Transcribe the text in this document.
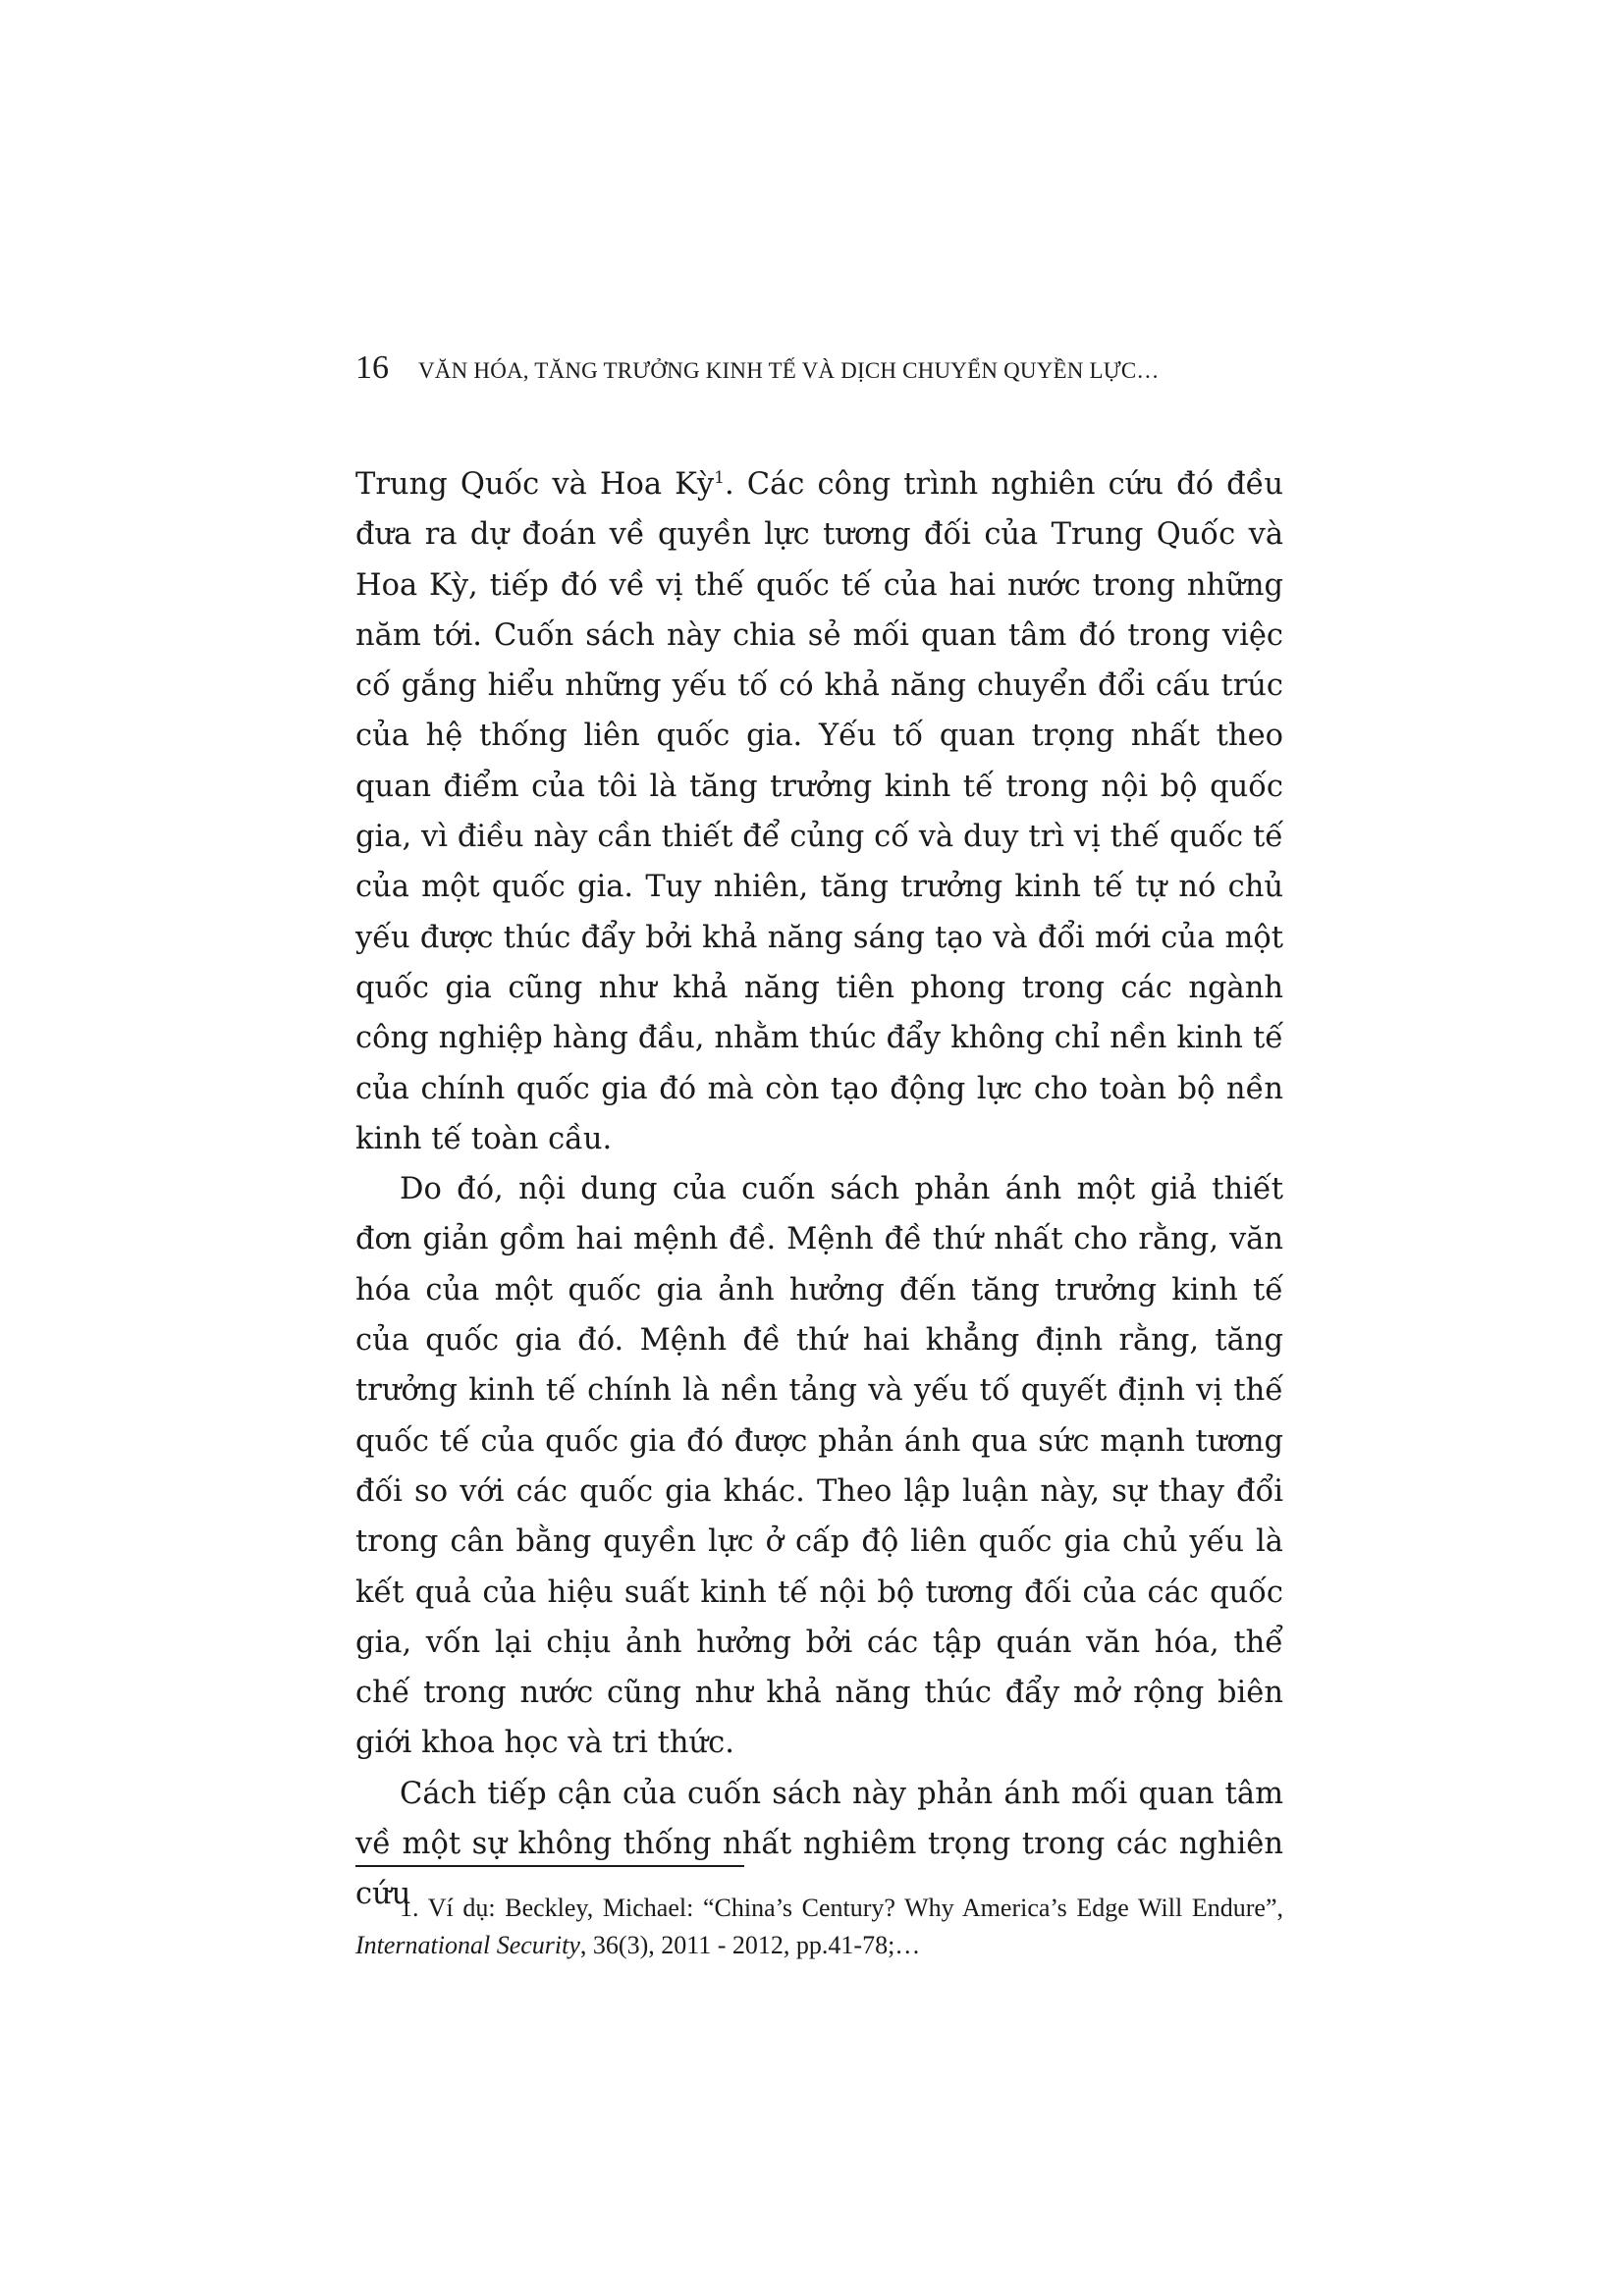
16 VĂN HÓA, TĂNG TRƯỞNG KINH TẾ VÀ DỊCH CHUYỂN QUYỀN LỰC…

Trung Quốc và Hoa Kỳ$^1$. Các công trình nghiên cứu đó đều đưa ra dự đoán về quyền lực tương đối của Trung Quốc và Hoa Kỳ, tiếp đó về vị thế quốc tế của hai nước trong những năm tới. Cuốn sách này chia sẻ mối quan tâm đó trong việc cố gắng hiểu những yếu tố có khả năng chuyển đổi cấu trúc của hệ thống liên quốc gia. Yếu tố quan trọng nhất theo quan điểm của tôi là tăng trưởng kinh tế trong nội bộ quốc gia, vì điều này cần thiết để củng cố và duy trì vị thế quốc tế của một quốc gia. Tuy nhiên, tăng trưởng kinh tế tự nó chủ yếu được thúc đẩy bởi khả năng sáng tạo và đổi mới của một quốc gia cũng như khả năng tiên phong trong các ngành công nghiệp hàng đầu, nhằm thúc đẩy không chỉ nền kinh tế của chính quốc gia đó mà còn tạo động lực cho toàn bộ nền kinh tế toàn cầu.

Do đó, nội dung của cuốn sách phản ánh một giả thiết đơn giản gồm hai mệnh đề. Mệnh đề thứ nhất cho rằng, văn hóa của một quốc gia ảnh hưởng đến tăng trưởng kinh tế của quốc gia đó. Mệnh đề thứ hai khẳng định rằng, tăng trưởng kinh tế chính là nền tảng và yếu tố quyết định vị thế quốc tế của quốc gia đó được phản ánh qua sức mạnh tương đối so với các quốc gia khác. Theo lập luận này, sự thay đổi trong cân bằng quyền lực ở cấp độ liên quốc gia chủ yếu là kết quả của hiệu suất kinh tế nội bộ tương đối của các quốc gia, vốn lại chịu ảnh hưởng bởi các tập quán văn hóa, thể chế trong nước cũng như khả năng thúc đẩy mở rộng biên giới khoa học và tri thức.

Cách tiếp cận của cuốn sách này phản ánh mối quan tâm về một sự không thống nhất nghiêm trọng trong các nghiên cứu

1. Ví dụ: Beckley, Michael: “China’s Century? Why America’s Edge Will Endure”, International Security, 36(3), 2011 - 2012, pp.41-78;…
